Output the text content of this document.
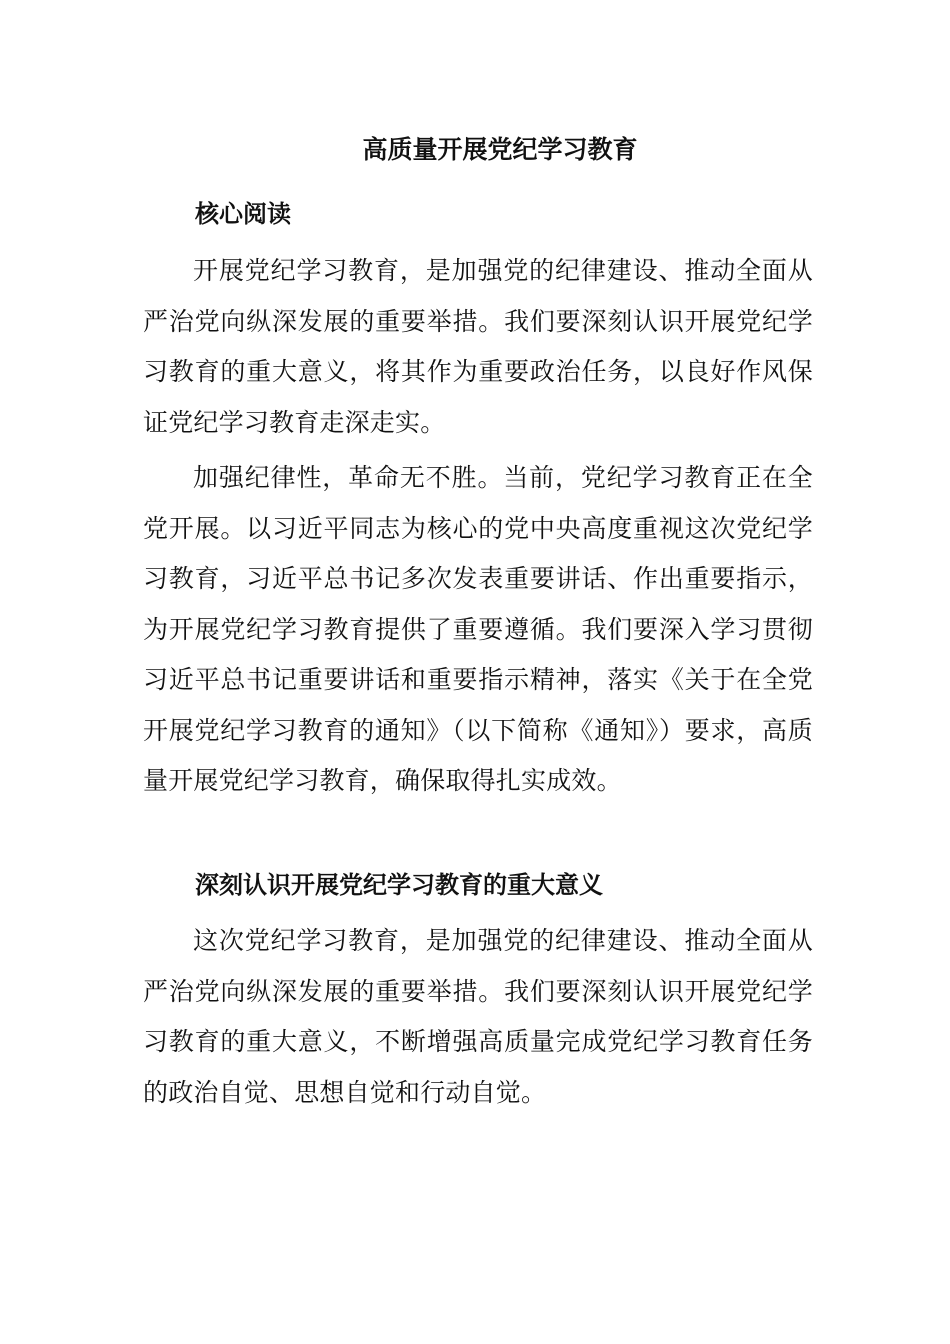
高质量开展党纪学习教育
核心阅读

开展党纪学习教育，是加强党的纪律建设、推动全面从严治党向纵深发展的重要举措。我们要深刻认识开展党纪学习教育的重大意义，将其作为重要政治任务，以良好作风保证党纪学习教育走深走实。

加强纪律性，革命无不胜。当前，党纪学习教育正在全党开展。以习近平同志为核心的党中央高度重视这次党纪学习教育，习近平总书记多次发表重要讲话、作出重要指示，为开展党纪学习教育提供了重要遵循。我们要深入学习贯彻习近平总书记重要讲话和重要指示精神，落实《关于在全党开展党纪学习教育的通知》（以下简称《通知》）要求，高质量开展党纪学习教育，确保取得扎实成效。

深刻认识开展党纪学习教育的重大意义

这次党纪学习教育，是加强党的纪律建设、推动全面从严治党向纵深发展的重要举措。我们要深刻认识开展党纪学习教育的重大意义，不断增强高质量完成党纪学习教育任务的政治自觉、思想自觉和行动自觉。
